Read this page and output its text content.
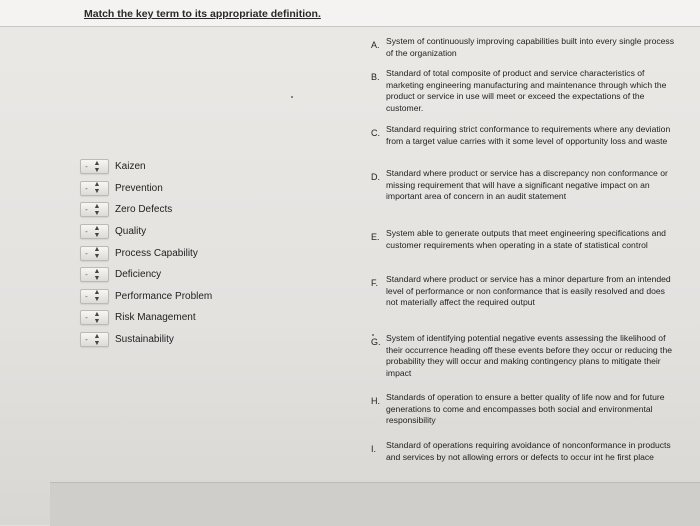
Match the key term to its appropriate definition.
- ▲
▼ Kaizen
- ▲
▼ Prevention
- ▲
▼ Zero Defects
- ▲
▼ Quality
- ▲
▼ Process Capability
- ▲
▼ Deficiency
- ▲
▼ Performance Problem
- ▲
▼ Risk Management
- ▲
▼ Sustainability
A. System of continuously improving capabilities built into every single process of the organization
B. Standard of total composite of product and service characteristics of marketing engineering manufacturing and maintenance through which the product or service in use will meet or exceed the expectations of the customer.
C. Standard requiring strict conformance to requirements where any deviation from a target value carries with it some level of opportunity loss and waste
D. Standard where product or service has a discrepancy non conformance or missing requirement that will have a significant negative impact on an important area of concern in an audit statement
E. System able to generate outputs that meet engineering specifications and customer requirements when operating in a state of statistical control
F. Standard where product or service has a minor departure from an intended level of performance or non conformance that is easily resolved and does not materially affect the required output
G. System of identifying potential negative events assessing the likelihood of their occurrence heading off these events before they occur or reducing the probability they will occur and making contingency plans to mitigate their impact
H. Standards of operation to ensure a better quality of life now and for future generations to come and encompasses both social and environmental responsibility
I. Standard of operations requiring avoidance of nonconformance in products and services by not allowing errors or defects to occur int he first place
